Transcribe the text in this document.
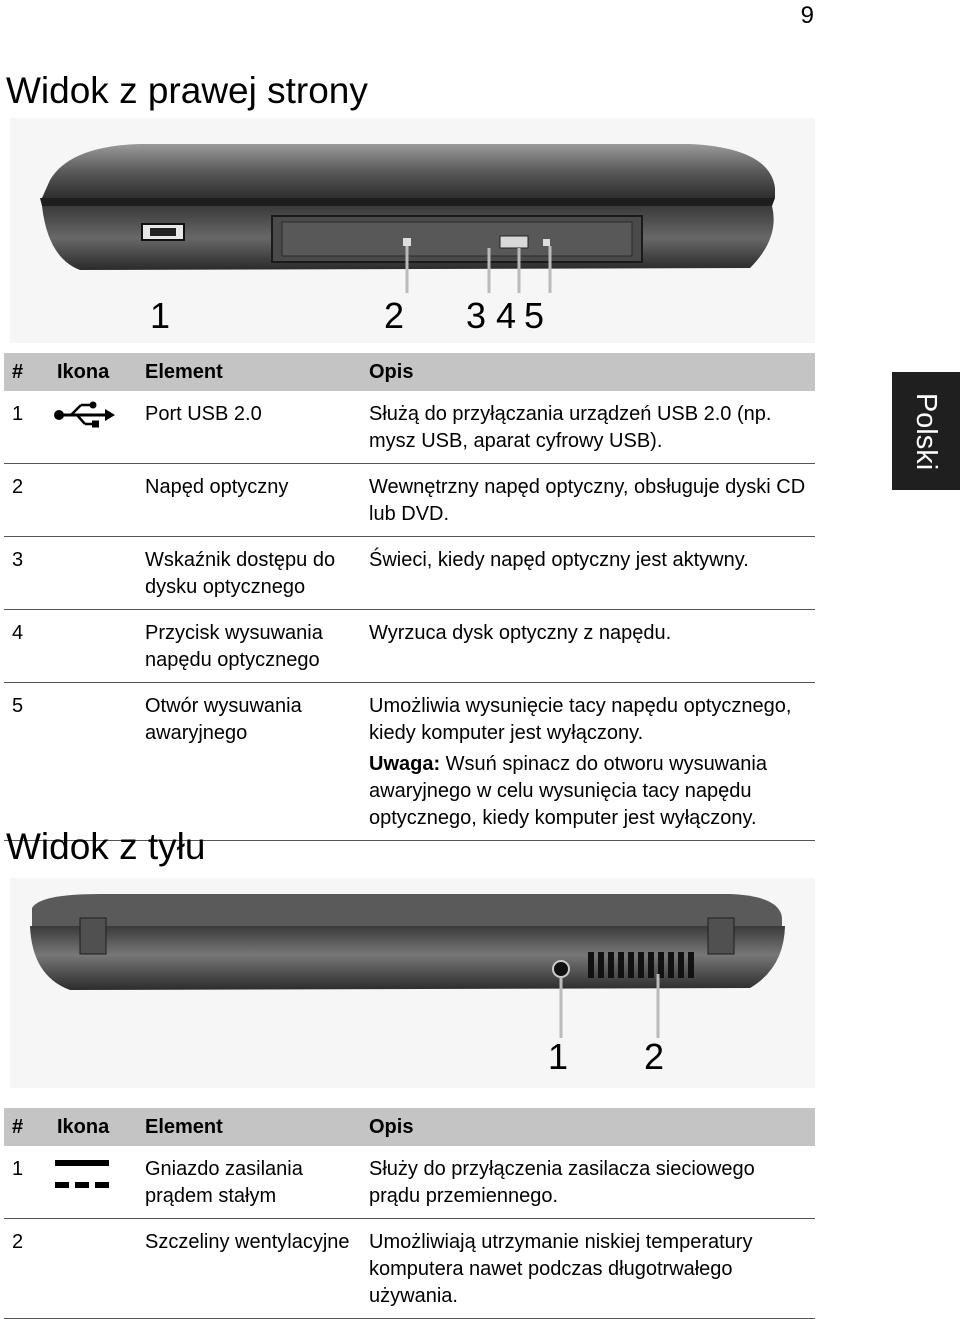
9
Polski
Widok z prawej strony
1	2 3 4 5
#	Ikona	Element	Opis
1		Port USB 2.0	Służą do przyłączania urządzeń USB 2.0 (np. mysz USB, aparat cyfrowy USB).
2		Napęd optyczny	Wewnętrzny napęd optyczny, obsługuje dyski CD lub DVD.
3		Wskaźnik dostępu do dysku optycznego	Świeci, kiedy napęd optyczny jest aktywny.
4		Przycisk wysuwania napędu optycznego	Wyrzuca dysk optyczny z napędu.
5		Otwór wysuwania awaryjnego	Umożliwia wysunięcie tacy napędu optycznego, kiedy komputer jest wyłączony.

Uwaga: Wsuń spinacz do otworu wysuwania awaryjnego w celu wysunięcia tacy napędu optycznego, kiedy komputer jest wyłączony.

Widok z tyłu
1 2
#	Ikona	Element	Opis
1		Gniazdo zasilania prądem stałym	Służy do przyłączenia zasilacza sieciowego prądu przemiennego.
2		Szczeliny wentylacyjne	Umożliwiają utrzymanie niskiej temperatury komputera nawet podczas długotrwałego używania.
